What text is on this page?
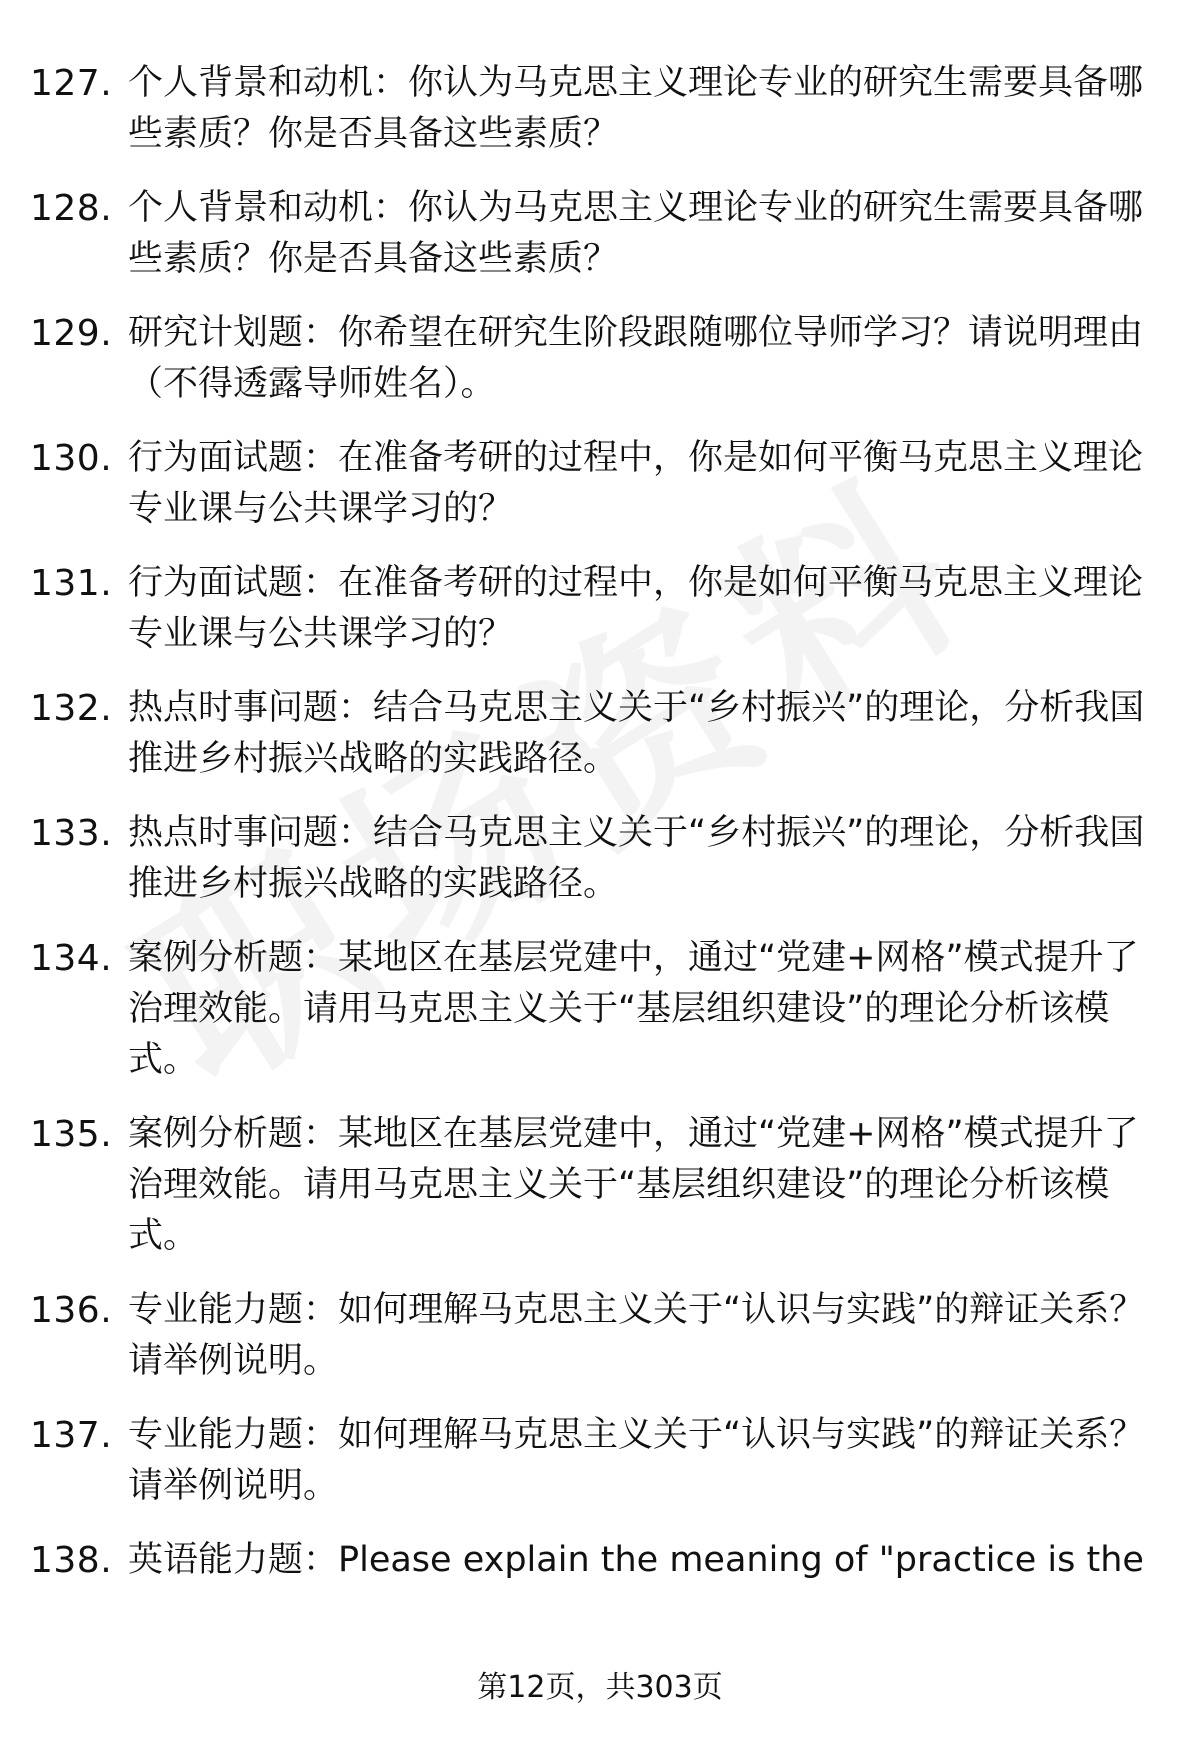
127. 个人背景和动机：你认为马克思主义理论专业的研究生需要具备哪些素质？你是否具备这些素质？
128. 个人背景和动机：你认为马克思主义理论专业的研究生需要具备哪些素质？你是否具备这些素质？
129. 研究计划题：你希望在研究生阶段跟随哪位导师学习？请说明理由（不得透露导师姓名）。
130. 行为面试题：在准备考研的过程中，你是如何平衡马克思主义理论专业课与公共课学习的？
131. 行为面试题：在准备考研的过程中，你是如何平衡马克思主义理论专业课与公共课学习的？
132. 热点时事问题：结合马克思主义关于“乡村振兴”的理论，分析我国推进乡村振兴战略的实践路径。
133. 热点时事问题：结合马克思主义关于“乡村振兴”的理论，分析我国推进乡村振兴战略的实践路径。
134. 案例分析题：某地区在基层党建中，通过“党建+网格”模式提升了治理效能。请用马克思主义关于“基层组织建设”的理论分析该模式。
135. 案例分析题：某地区在基层党建中，通过“党建+网格”模式提升了治理效能。请用马克思主义关于“基层组织建设”的理论分析该模式。
136. 专业能力题：如何理解马克思主义关于“认识与实践”的辩证关系？请举例说明。
137. 专业能力题：如何理解马克思主义关于“认识与实践”的辩证关系？请举例说明。
138. 英语能力题：Please explain the meaning of "practice is the
第12页，共303页
